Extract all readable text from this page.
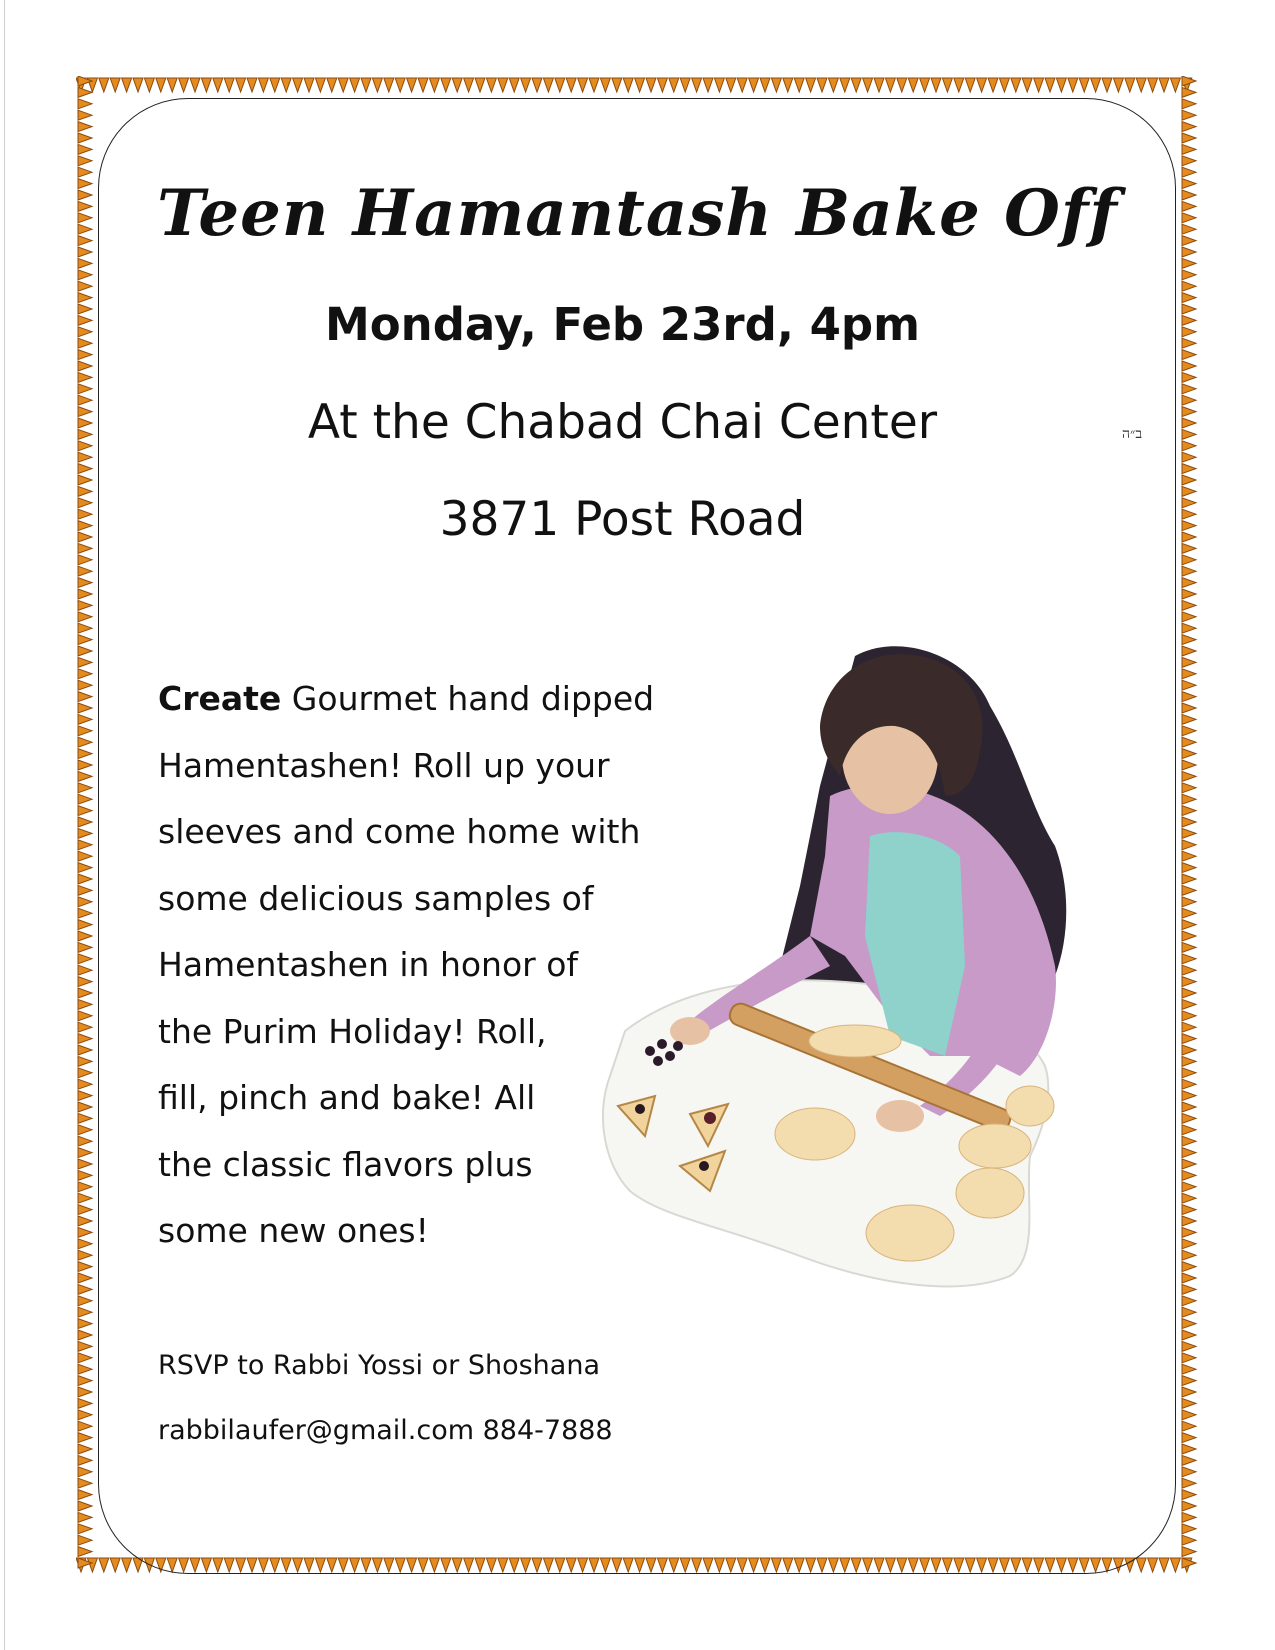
Teen Hamantash Bake Off
Monday, Feb 23rd, 4pm
At the Chabad Chai Center
3871 Post Road
ב״ה
Create Gourmet hand dipped
Hamentashen! Roll up your
sleeves and come home with
some delicious samples of
Hamentashen in honor of
the Purim Holiday! Roll,
fill, pinch and bake! All
the classic flavors plus
some new ones!
RSVP to Rabbi Yossi or Shoshana
rabbilaufer@gmail.com 884-7888
